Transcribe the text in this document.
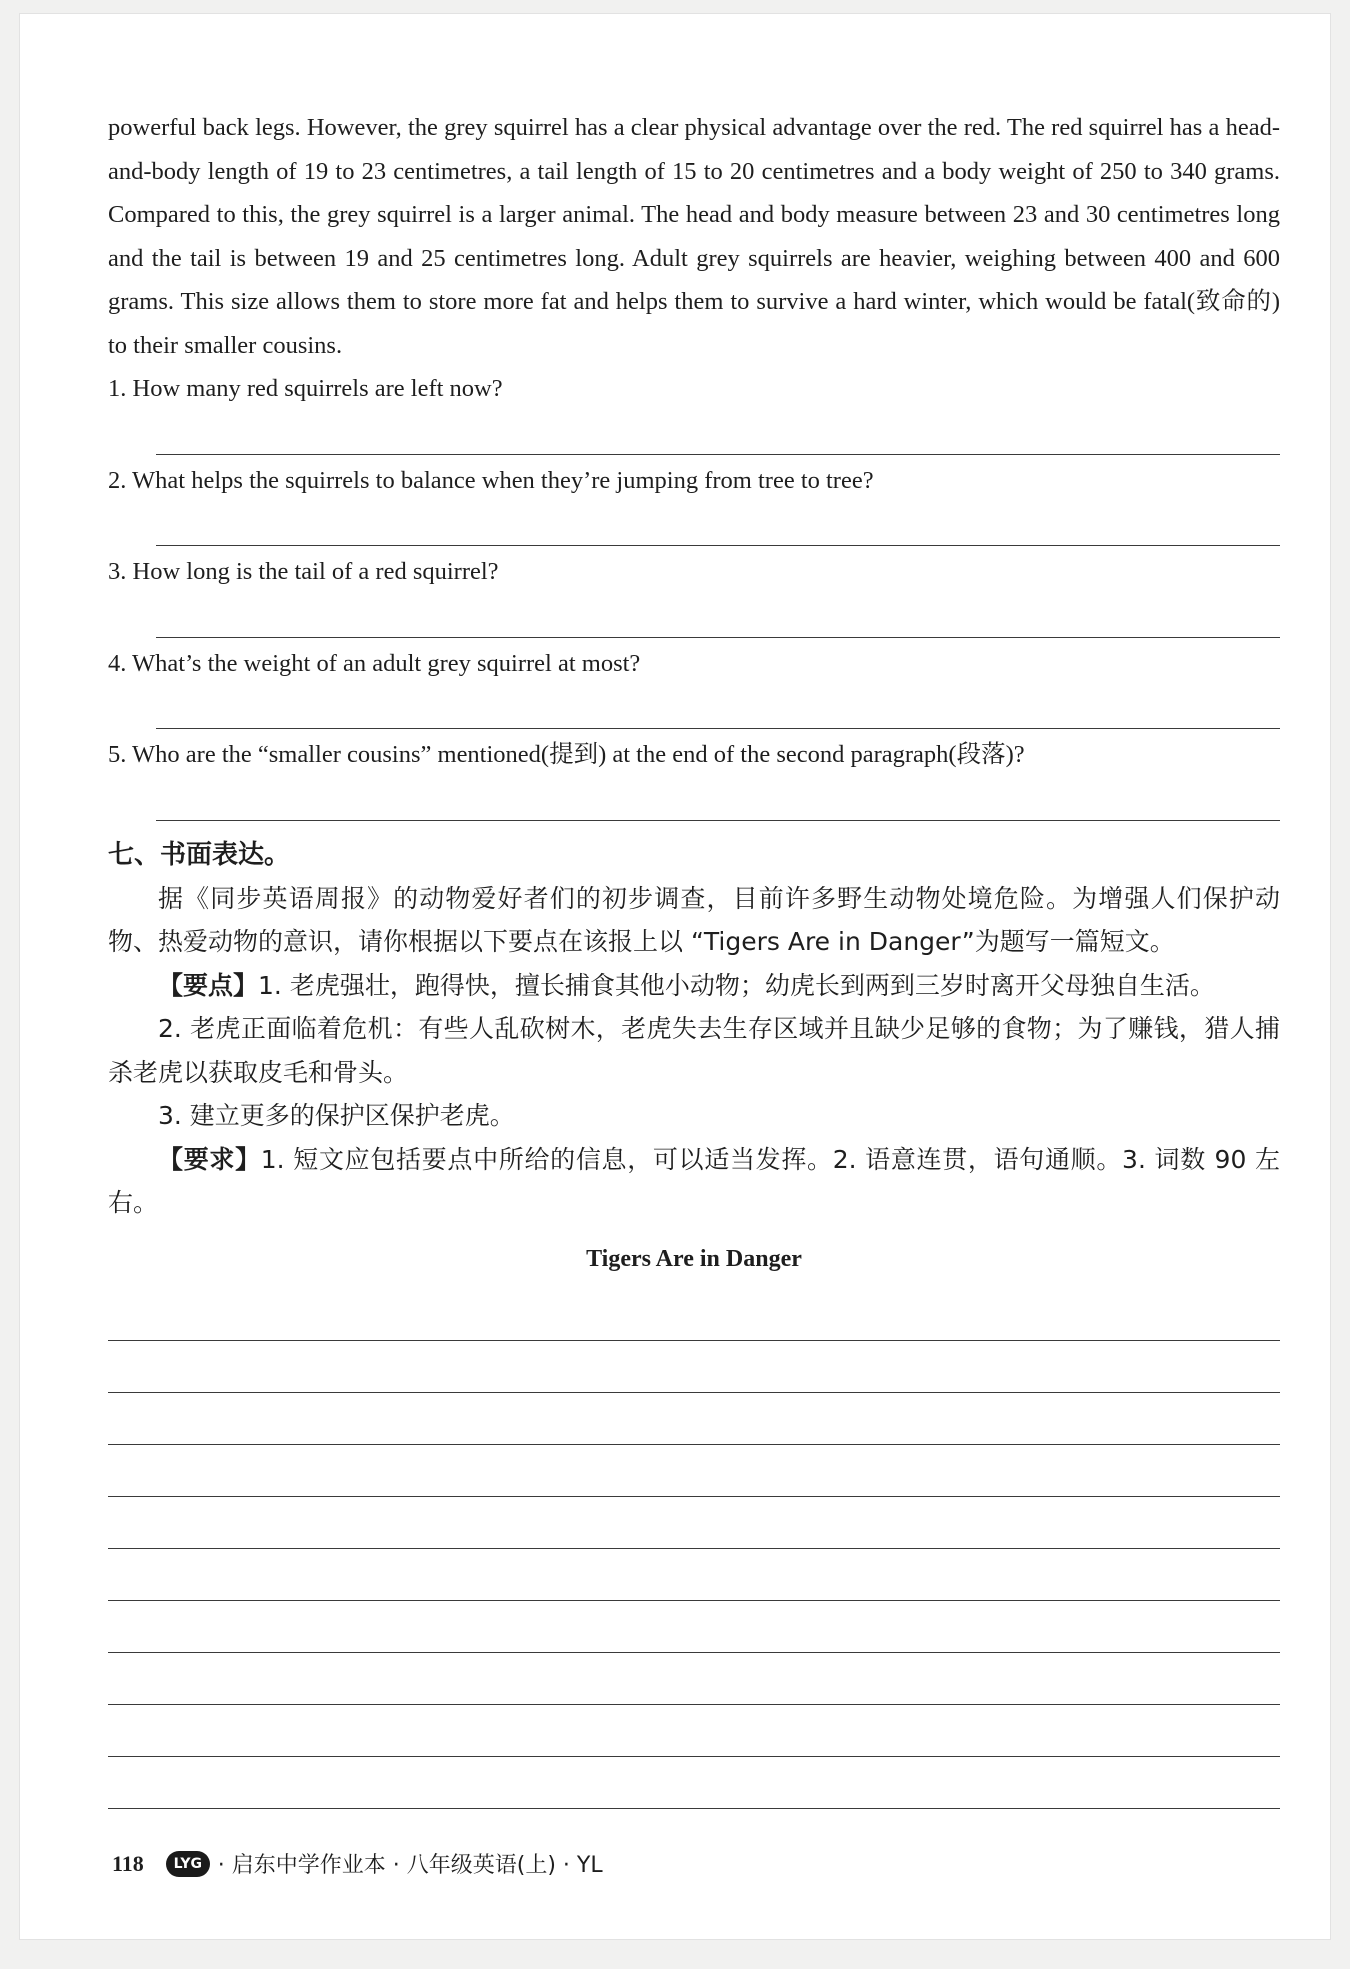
powerful back legs. However, the grey squirrel has a clear physical advantage over the red. The red squirrel has a head-and-body length of 19 to 23 centimetres, a tail length of 15 to 20 centimetres and a body weight of 250 to 340 grams. Compared to this, the grey squirrel is a larger animal. The head and body measure between 23 and 30 centimetres long and the tail is between 19 and 25 centimetres long. Adult grey squirrels are heavier, weighing between 400 and 600 grams. This size allows them to store more fat and helps them to survive a hard winter, which would be fatal(致命的) to their smaller cousins.

1. How many red squirrels are left now?
2. What helps the squirrels to balance when they’re jumping from tree to tree?
3. How long is the tail of a red squirrel?
4. What’s the weight of an adult grey squirrel at most?
5. Who are the “smaller cousins” mentioned(提到) at the end of the second paragraph(段落)?

七、书面表达。

据《同步英语周报》的动物爱好者们的初步调查，目前许多野生动物处境危险。为增强人们保护动物、热爱动物的意识，请你根据以下要点在该报上以 “Tigers Are in Danger”为题写一篇短文。

【要点】1. 老虎强壮，跑得快，擅长捕食其他小动物；幼虎长到两到三岁时离开父母独自生活。

2. 老虎正面临着危机：有些人乱砍树木，老虎失去生存区域并且缺少足够的食物；为了赚钱，猎人捕杀老虎以获取皮毛和骨头。

3. 建立更多的保护区保护老虎。

【要求】1. 短文应包括要点中所给的信息，可以适当发挥。2. 语意连贯，语句通顺。3. 词数 90 左右。

Tigers Are in Danger
118	LYG · 启东中学作业本 · 八年级英语(上) · YL
